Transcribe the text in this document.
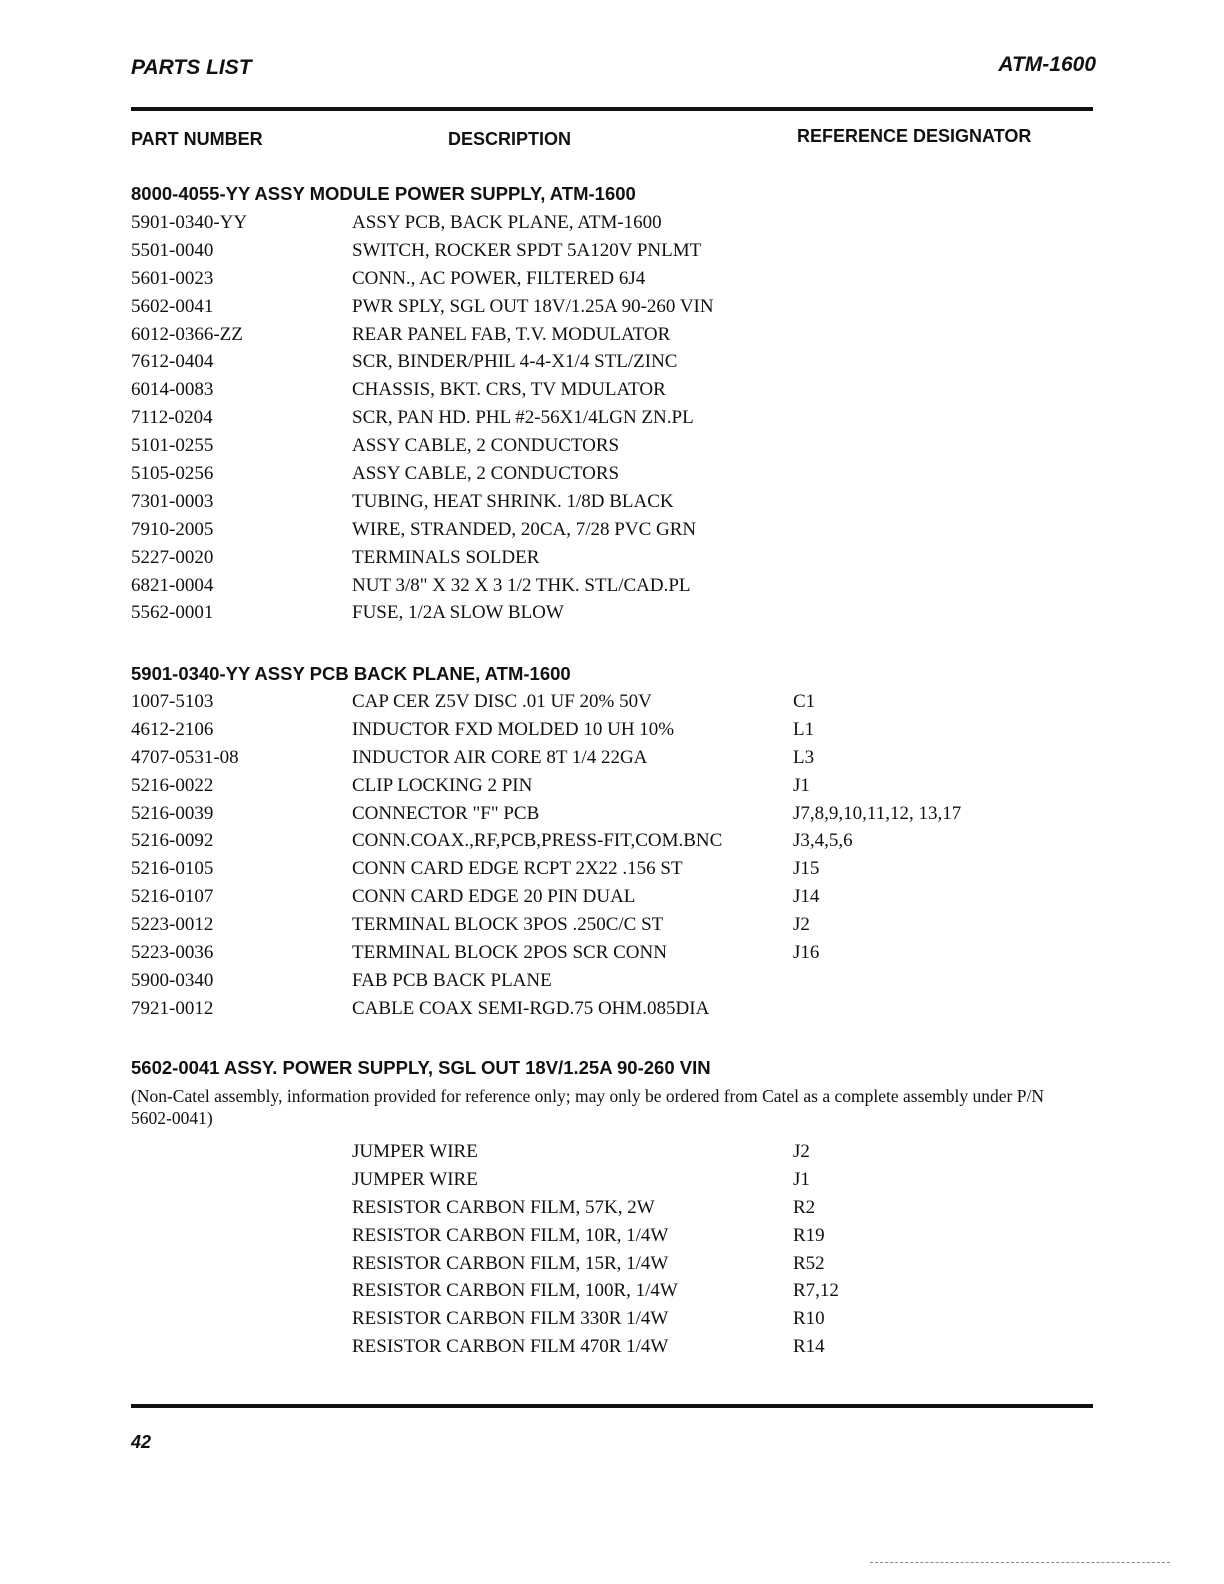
PARTS LIST	ATM-1600
PART NUMBER	DESCRIPTION	REFERENCE DESIGNATOR
8000-4055-YY ASSY MODULE POWER SUPPLY, ATM-1600
5901-0340-YY	ASSY PCB, BACK PLANE, ATM-1600
5501-0040	SWITCH, ROCKER SPDT 5A120V PNLMT
5601-0023	CONN., AC POWER, FILTERED 6J4
5602-0041	PWR SPLY, SGL OUT 18V/1.25A 90-260 VIN
6012-0366-ZZ	REAR PANEL FAB, T.V. MODULATOR
7612-0404	SCR, BINDER/PHIL 4-4-X1/4 STL/ZINC
6014-0083	CHASSIS, BKT. CRS, TV MDULATOR
7112-0204	SCR, PAN HD. PHL #2-56X1/4LGN ZN.PL
5101-0255	ASSY CABLE, 2 CONDUCTORS
5105-0256	ASSY CABLE, 2 CONDUCTORS
7301-0003	TUBING, HEAT SHRINK. 1/8D BLACK
7910-2005	WIRE, STRANDED, 20CA, 7/28 PVC GRN
5227-0020	TERMINALS SOLDER
6821-0004	NUT 3/8" X 32 X 3 1/2 THK. STL/CAD.PL
5562-0001	FUSE, 1/2A SLOW BLOW
5901-0340-YY ASSY PCB BACK PLANE, ATM-1600
1007-5103	CAP CER Z5V DISC .01 UF 20% 50V	C1
4612-2106	INDUCTOR FXD MOLDED 10 UH 10%	L1
4707-0531-08	INDUCTOR AIR CORE 8T 1/4 22GA	L3
5216-0022	CLIP LOCKING 2 PIN	J1
5216-0039	CONNECTOR "F" PCB	J7,8,9,10,11,12, 13,17
5216-0092	CONN.COAX.,RF,PCB,PRESS-FIT,COM.BNC	J3,4,5,6
5216-0105	CONN CARD EDGE RCPT 2X22 .156 ST	J15
5216-0107	CONN CARD EDGE 20 PIN DUAL	J14
5223-0012	TERMINAL BLOCK 3POS .250C/C ST	J2
5223-0036	TERMINAL BLOCK 2POS SCR CONN	J16
5900-0340	FAB PCB BACK PLANE
7921-0012	CABLE COAX SEMI-RGD.75 OHM.085DIA
5602-0041 ASSY. POWER SUPPLY, SGL OUT 18V/1.25A 90-260 VIN
(Non-Catel assembly, information provided for reference only; may only be ordered from Catel as a complete assembly under P/N 5602-0041)
JUMPER WIRE	J2
JUMPER WIRE	J1
RESISTOR CARBON FILM, 57K, 2W	R2
RESISTOR CARBON FILM, 10R, 1/4W	R19
RESISTOR CARBON FILM, 15R, 1/4W	R52
RESISTOR CARBON FILM, 100R, 1/4W	R7,12
RESISTOR CARBON FILM 330R 1/4W	R10
RESISTOR CARBON FILM 470R 1/4W	R14
42
